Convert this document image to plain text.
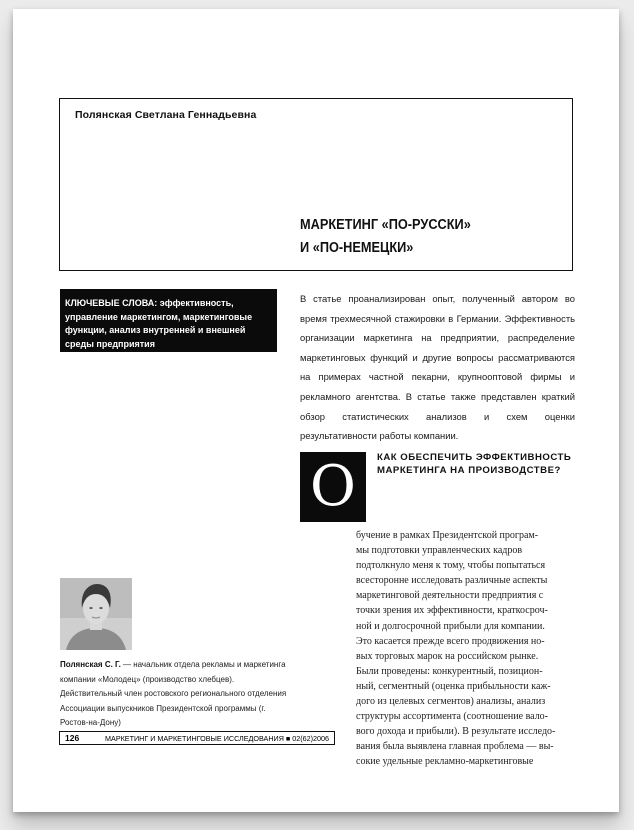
Полянская Светлана Геннадьевна
МАРКЕТИНГ «ПО-РУССКИ»
И «ПО-НЕМЕЦКИ»
КЛЮЧЕВЫЕ СЛОВА: эффективность, управление маркетингом, маркетинговые функции, анализ внутренней и внешней среды предприятия
В статье проанализирован опыт, полученный автором во время трехмесячной стажировки в Германии. Эффективность организации маркетинга на предприятии, распределение маркетинговых функций и другие вопросы рассматриваются на примерах частной пекарни, крупнооптовой фирмы и рекламного агентства. В статье также представлен краткий обзор статистических анализов и схем оценки результативности работы компании.
О	КАК ОБЕСПЕЧИТЬ ЭФФЕКТИВНОСТЬ
МАРКЕТИНГА НА ПРОИЗВОДСТВЕ?
бучение в рамках Президентской програм-
мы подготовки управленческих кадров
подтолкнуло меня к тому, чтобы попытаться
всесторонне исследовать различные аспекты
маркетинговой деятельности предприятия с
точки зрения их эффективности, краткосроч-
ной и долгосрочной прибыли для компании.
Это касается прежде всего продвижения но-
вых торговых марок на российском рынке.
Были проведены: конкурентный, позицион-
ный, сегментный (оценка прибыльности каж-
дого из целевых сегментов) анализы, анализ
структуры ассортимента (соотношение вало-
вого дохода и прибыли). В результате исследо-
вания была выявлена главная проблема — вы-
сокие удельные рекламно-маркетинговые
Полянская С. Г. — начальник отдела рекламы и маркетинга компании «Молодец» (производство хлебцев). Действительный член ростовского регионального отделения Ассоциации выпускников Президентской программы (г. Ростов-на-Дону)
126	МАРКЕТИНГ И МАРКЕТИНГОВЫЕ ИССЛЕДОВАНИЯ ■ 02(62)2006
